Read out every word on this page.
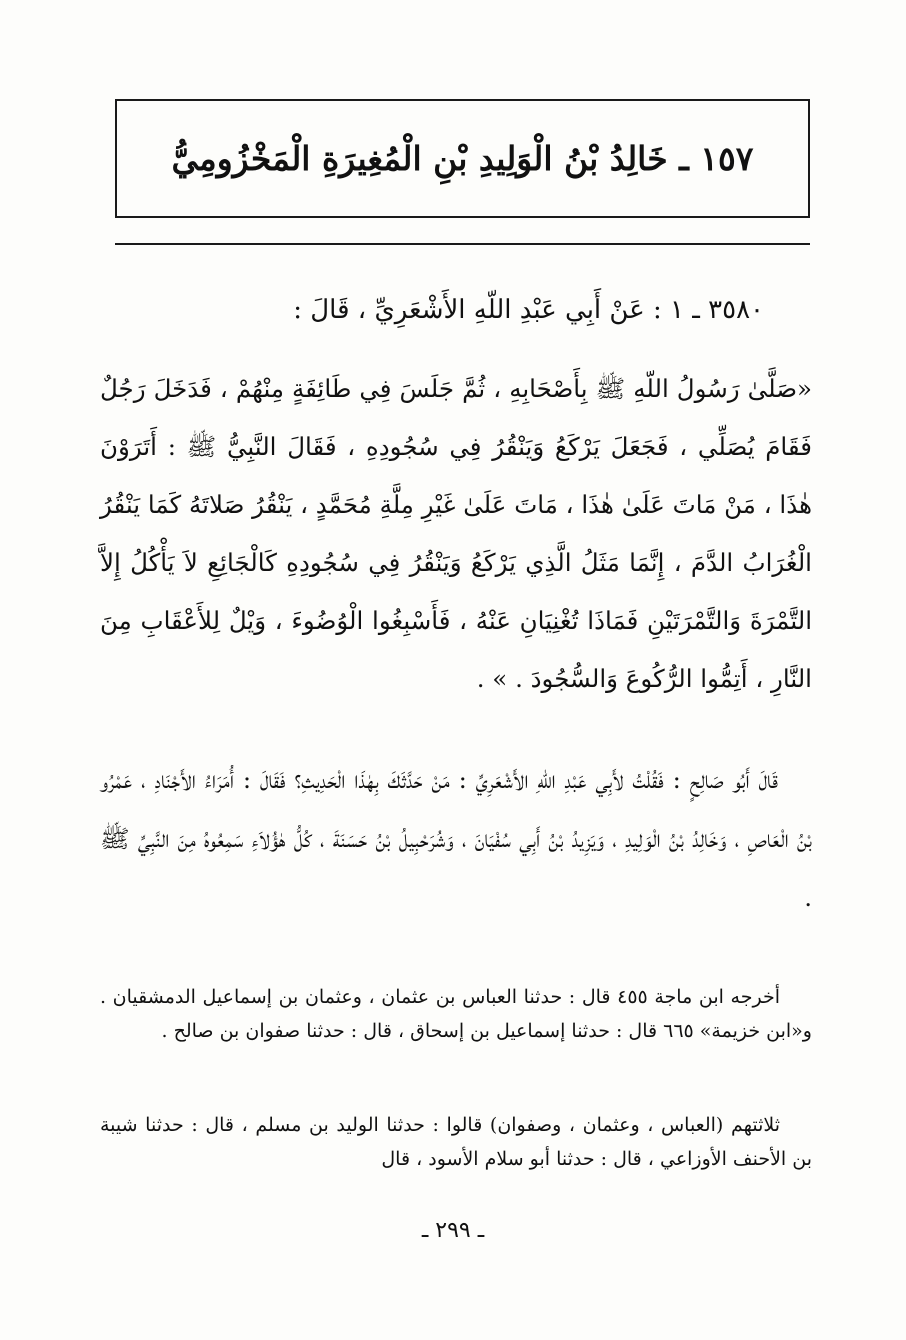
١٥٧ ـ خَالِدُ بْنُ الْوَلِيدِ بْنِ الْمُغِيرَةِ الْمَخْزُومِيُّ
٣٥٨٠ ـ ١ : عَنْ أَبِي عَبْدِ اللّهِ الأَشْعَرِيِّ ، قَالَ :
«صَلَّىٰ رَسُولُ اللّهِ ﷺ بِأَصْحَابِهِ ، ثُمَّ جَلَسَ فِي طَائِفَةٍ مِنْهُمْ ، فَدَخَلَ رَجُلٌ فَقَامَ يُصَلِّي ، فَجَعَلَ يَرْكَعُ وَيَنْقُرُ فِي سُجُودِهِ ، فَقَالَ النَّبِيُّ ﷺ : أَتَرَوْنَ هٰذَا ، مَنْ مَاتَ عَلَىٰ هٰذَا ، مَاتَ عَلَىٰ غَيْرِ مِلَّةِ مُحَمَّدٍ ، يَنْقُرُ صَلاتَهُ كَمَا يَنْقُرُ الْغُرَابُ الدَّمَ ، إِنَّمَا مَثَلُ الَّذِي يَرْكَعُ وَيَنْقُرُ فِي سُجُودِهِ كَالْجَائِعِ لاَ يَأْكُلُ إِلاَّ التَّمْرَةَ وَالتَّمْرَتَيْنِ فَمَاذَا تُغْنِيَانِ عَنْهُ ، فَأَسْبِغُوا الْوُضُوءَ ، وَيْلٌ لِلأَعْقَابِ مِنَ النَّارِ ، أَتِمُّوا الرُّكُوعَ وَالسُّجُودَ . » .
قَالَ أَبُو صَالِحٍ : فَقُلْتُ لأَبِي عَبْدِ اللّهِ الأَشْعَرِيِّ : مَنْ حَدَّثَكَ بِهٰذَا الْحَدِيثِ؟ فَقَالَ : أُمَرَاءُ الأَجْنَادِ ، عَمْرُو بْنُ الْعَاصِ ، وَخَالِدُ بْنُ الْوَلِيدِ ، وَيَزِيدُ بْنُ أَبِي سُفْيَانَ ، وَشُرَحْبِيلُ بْنُ حَسَنَةَ ، كُلُّ هٰؤُلاَءِ سَمِعُوهُ مِنَ النَّبِيِّ ﷺ .
أخرجه ابن ماجة ٤٥٥ قال : حدثنا العباس بن عثمان ، وعثمان بن إسماعيل الدمشقيان . و«ابن خزيمة» ٦٦٥ قال : حدثنا إسماعيل بن إسحاق ، قال : حدثنا صفوان بن صالح .
ثلاثتهم (العباس ، وعثمان ، وصفوان) قالوا : حدثنا الوليد بن مسلم ، قال : حدثنا شيبة بن الأحنف الأوزاعي ، قال : حدثنا أبو سلام الأسود ، قال
ـ ٢٩٩ ـ
